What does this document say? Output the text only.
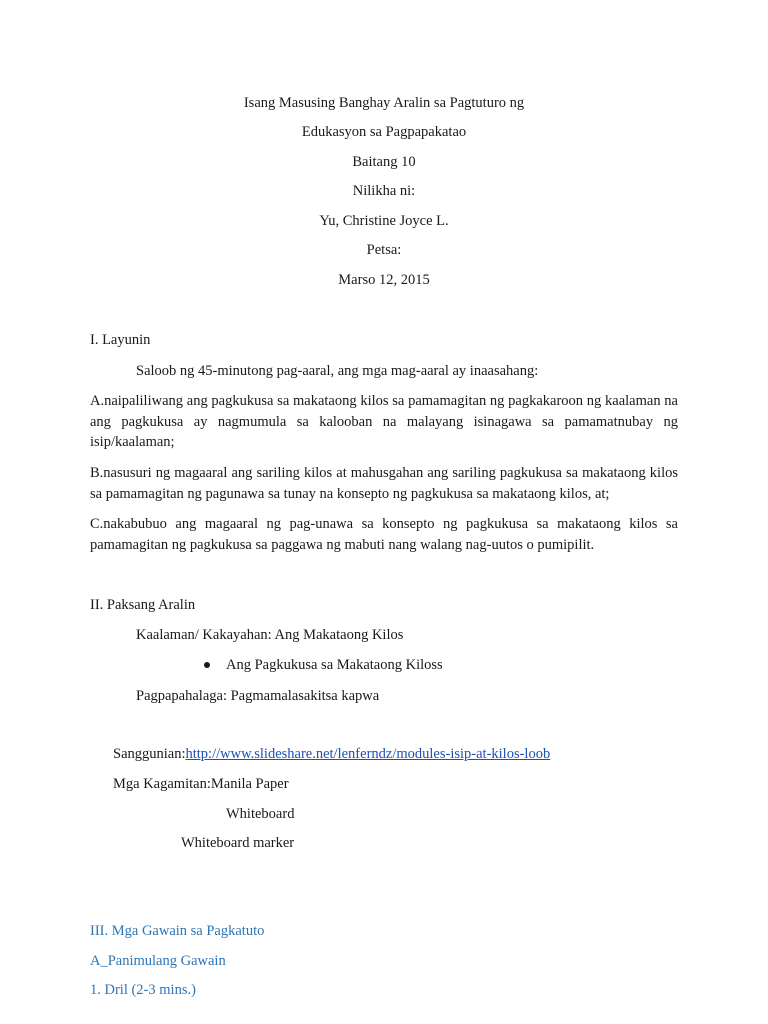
Isang Masusing Banghay Aralin sa Pagtuturo ng
Edukasyon sa Pagpapakatao
Baitang 10
Nilikha ni:
Yu, Christine Joyce L.
Petsa:
Marso 12, 2015
I. Layunin
Saloob ng 45-minutong pag-aaral, ang mga mag-aaral ay inaasahang:
A.naipaliliwang ang pagkukusa sa makataong kilos sa pamamagitan ng pagkakaroon ng kaalaman na ang pagkukusa ay nagmumula sa kalooban na malayang isinagawa sa pamamatnubay ng isip/kaalaman;
B.nasusuri ng magaaral ang sariling kilos at mahusgahan ang sariling pagkukusa sa makataong kilos sa pamamagitan ng pagunawa sa tunay na konsepto ng pagkukusa sa makataong kilos, at;
C.nakabubuo ang magaaral ng pag-unawa sa konsepto ng pagkukusa sa makataong kilos sa pamamagitan ng pagkukusa sa paggawa ng mabuti nang walang nag-uutos o pumipilit.
II. Paksang Aralin
Kaalaman/ Kakayahan: Ang Makataong Kilos
Ang Pagkukusa sa Makataong Kiloss
Pagpapahalaga: Pagmamalasakitsa kapwa
Sanggunian:http://www.slideshare.net/lenferndz/modules-isip-at-kilos-loob
Mga Kagamitan:Manila Paper
Whiteboard
Whiteboard marker
III. Mga Gawain sa Pagkatuto
A_Panimulang Gawain
1. Dril (2-3 mins.)
